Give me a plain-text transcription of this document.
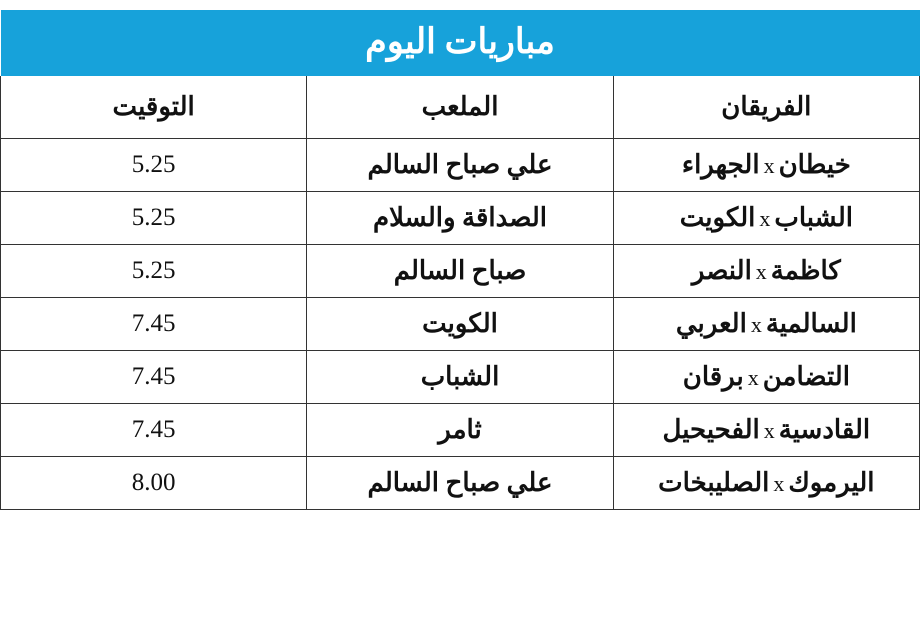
مباريات اليوم		
الفريقان	الملعب	التوقيت
خيطانxالجهراء	علي صباح السالم	5.25
الشبابxالكويت	الصداقة والسلام	5.25
كاظمةxالنصر	صباح السالم	5.25
السالميةxالعربي	الكويت	7.45
التضامنxبرقان	الشباب	7.45
القادسيةxالفحيحيل	ثامر	7.45
اليرموكxالصليبخات	علي صباح السالم	8.00
